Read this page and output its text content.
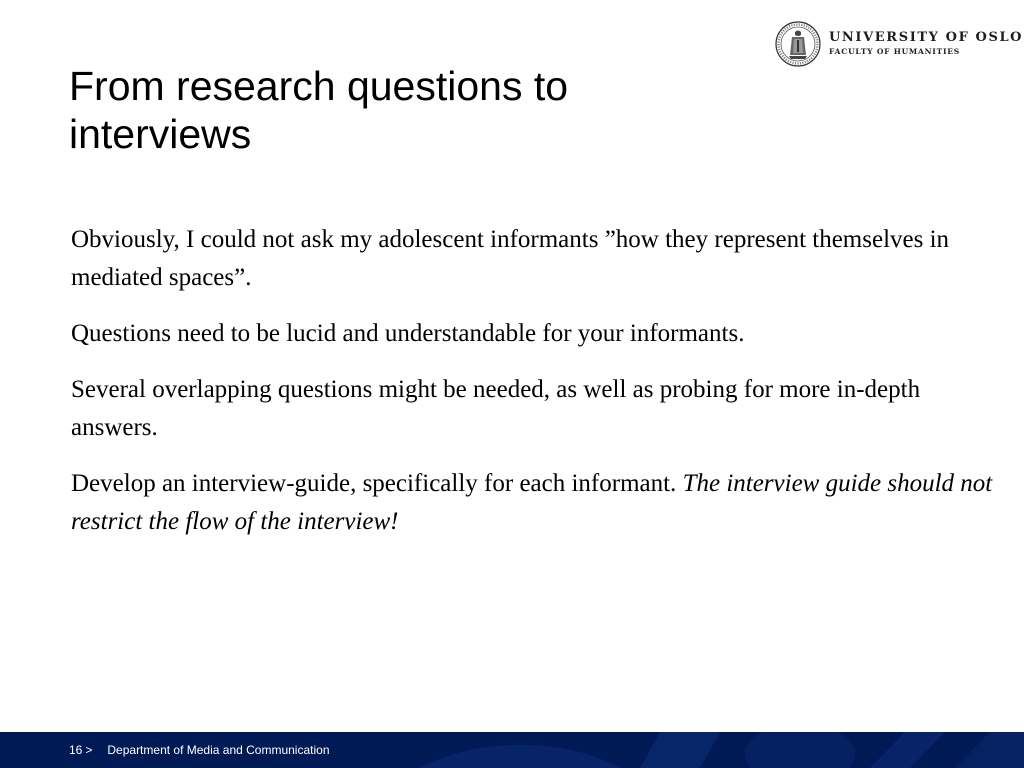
UNIVERSITY OF OSLO
FACULTY OF HUMANITIES
From research questions to interviews

Obviously, I could not ask my adolescent informants ”how they represent themselves in mediated spaces”.

Questions need to be lucid and understandable for your informants.

Several overlapping questions might be needed, as well as probing for more in-depth answers.

Develop an interview-guide, specifically for each informant. The interview guide should not restrict the flow of the interview!

16 > Department of Media and Communication
